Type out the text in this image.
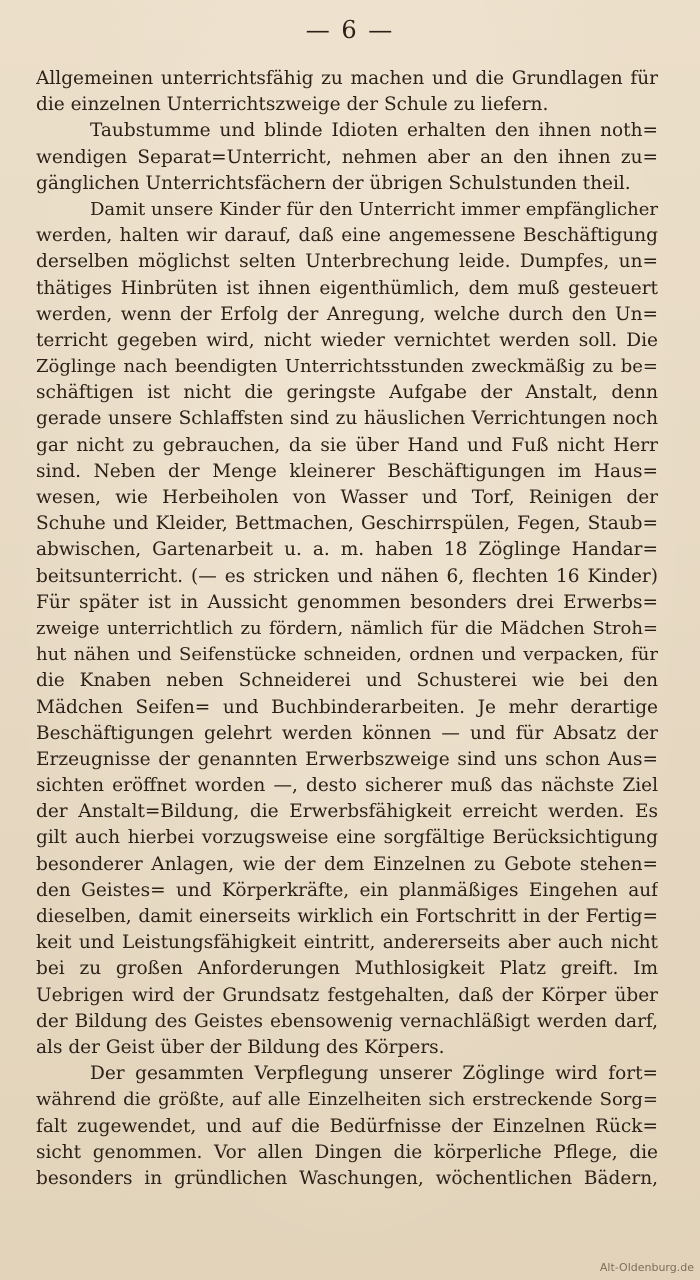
— 6 —
Allgemeinen unterrichtsfähig zu machen und die Grundlagen für
die einzelnen Unterrichtszweige der Schule zu liefern.
Taubstumme und blinde Idioten erhalten den ihnen noth=
wendigen Separat=Unterricht, nehmen aber an den ihnen zu=
gänglichen Unterrichtsfächern der übrigen Schulstunden theil.
Damit unsere Kinder für den Unterricht immer empfänglicher
werden, halten wir darauf, daß eine angemessene Beschäftigung
derselben möglichst selten Unterbrechung leide. Dumpfes, un=
thätiges Hinbrüten ist ihnen eigenthümlich, dem muß gesteuert
werden, wenn der Erfolg der Anregung, welche durch den Un=
terricht gegeben wird, nicht wieder vernichtet werden soll. Die
Zöglinge nach beendigten Unterrichtsstunden zweckmäßig zu be=
schäftigen ist nicht die geringste Aufgabe der Anstalt, denn
gerade unsere Schlaffsten sind zu häuslichen Verrichtungen noch
gar nicht zu gebrauchen, da sie über Hand und Fuß nicht Herr
sind. Neben der Menge kleinerer Beschäftigungen im Haus=
wesen, wie Herbeiholen von Wasser und Torf, Reinigen der
Schuhe und Kleider, Bettmachen, Geschirrspülen, Fegen, Staub=
abwischen, Gartenarbeit u. a. m. haben 18 Zöglinge Handar=
beitsunterricht. (— es stricken und nähen 6, flechten 16 Kinder)
Für später ist in Aussicht genommen besonders drei Erwerbs=
zweige unterrichtlich zu fördern, nämlich für die Mädchen Stroh=
hut nähen und Seifenstücke schneiden, ordnen und verpacken, für
die Knaben neben Schneiderei und Schusterei wie bei den
Mädchen Seifen= und Buchbinderarbeiten. Je mehr derartige
Beschäftigungen gelehrt werden können — und für Absatz der
Erzeugnisse der genannten Erwerbszweige sind uns schon Aus=
sichten eröffnet worden —, desto sicherer muß das nächste Ziel
der Anstalt=Bildung, die Erwerbsfähigkeit erreicht werden. Es
gilt auch hierbei vorzugsweise eine sorgfältige Berücksichtigung
besonderer Anlagen, wie der dem Einzelnen zu Gebote stehen=
den Geistes= und Körperkräfte, ein planmäßiges Eingehen auf
dieselben, damit einerseits wirklich ein Fortschritt in der Fertig=
keit und Leistungsfähigkeit eintritt, andererseits aber auch nicht
bei zu großen Anforderungen Muthlosigkeit Platz greift. Im
Uebrigen wird der Grundsatz festgehalten, daß der Körper über
der Bildung des Geistes ebensowenig vernachläßigt werden darf,
als der Geist über der Bildung des Körpers.
Der gesammten Verpflegung unserer Zöglinge wird fort=
während die größte, auf alle Einzelheiten sich erstreckende Sorg=
falt zugewendet, und auf die Bedürfnisse der Einzelnen Rück=
sicht genommen. Vor allen Dingen die körperliche Pflege, die
besonders in gründlichen Waschungen, wöchentlichen Bädern,
Alt-Oldenburg.de
